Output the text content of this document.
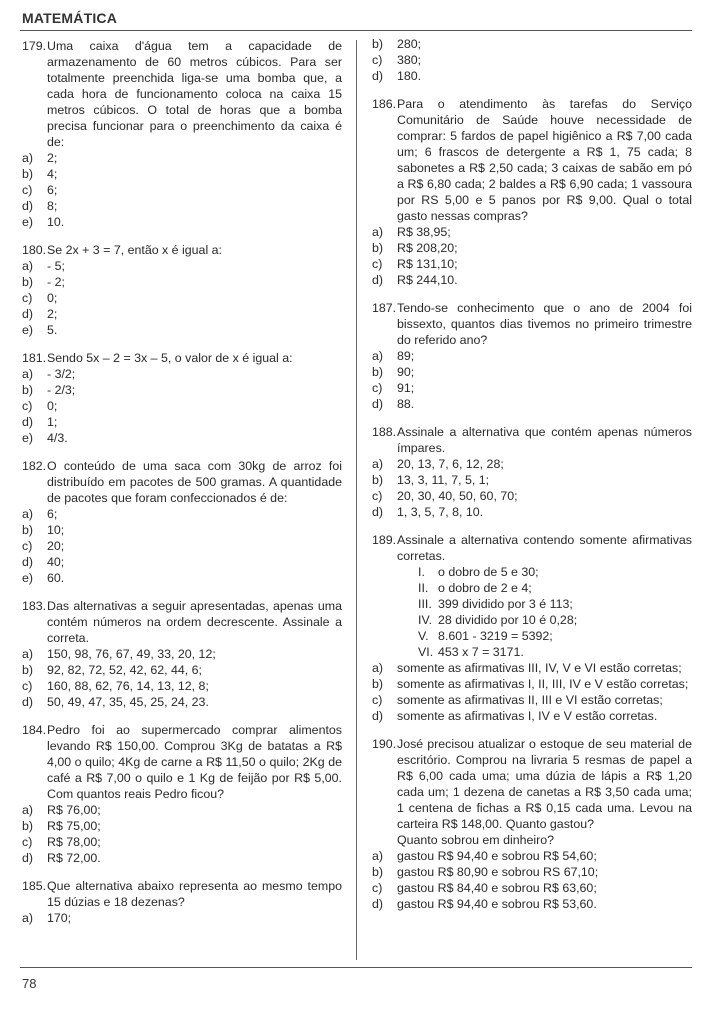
MATEMÁTICA
179. Uma caixa d'água tem a capacidade de armazenamento de 60 metros cúbicos. Para ser totalmente preenchida liga-se uma bomba que, a cada hora de funcionamento coloca na caixa 15 metros cúbicos. O total de horas que a bomba precisa funcionar para o preenchimento da caixa é de:
a) 2;
b) 4;
c) 6;
d) 8;
e) 10.
180. Se 2x + 3 = 7, então x é igual a:
a) - 5;
b) - 2;
c) 0;
d) 2;
e) 5.
181. Sendo 5x – 2 = 3x – 5, o valor de x é igual a:
a) - 3/2;
b) - 2/3;
c) 0;
d) 1;
e) 4/3.
182. O conteúdo de uma saca com 30kg de arroz foi distribuído em pacotes de 500 gramas. A quantidade de pacotes que foram confeccionados é de:
a) 6;
b) 10;
c) 20;
d) 40;
e) 60.
183. Das alternativas a seguir apresentadas, apenas uma contém números na ordem decrescente. Assinale a correta.
a) 150, 98, 76, 67, 49, 33, 20, 12;
b) 92, 82, 72, 52, 42, 62, 44, 6;
c) 160, 88, 62, 76, 14, 13, 12, 8;
d) 50, 49, 47, 35, 45, 25, 24, 23.
184. Pedro foi ao supermercado comprar alimentos levando R$ 150,00. Comprou 3Kg de batatas a R$ 4,00 o quilo; 4Kg de carne a R$ 11,50 o quilo; 2Kg de café a R$ 7,00 o quilo e 1 Kg de feijão por R$ 5,00. Com quantos reais Pedro ficou?
a) R$ 76,00;
b) R$ 75,00;
c) R$ 78,00;
d) R$ 72,00.
185. Que alternativa abaixo representa ao mesmo tempo 15 dúzias e 18 dezenas?
a) 170;
b) 280;
c) 380;
d) 180.
186. Para o atendimento às tarefas do Serviço Comunitário de Saúde houve necessidade de comprar: 5 fardos de papel higiênico a R$ 7,00 cada um; 6 frascos de detergente a R$ 1, 75 cada; 8 sabonetes a R$ 2,50 cada; 3 caixas de sabão em pó a R$ 6,80 cada; 2 baldes a R$ 6,90 cada; 1 vassoura por RS 5,00 e 5 panos por R$ 9,00. Qual o total gasto nessas compras?
a) R$ 38,95;
b) R$ 208,20;
c) R$ 131,10;
d) R$ 244,10.
187. Tendo-se conhecimento que o ano de 2004 foi bissexto, quantos dias tivemos no primeiro trimestre do referido ano?
a) 89;
b) 90;
c) 91;
d) 88.
188. Assinale a alternativa que contém apenas números ímpares.
a) 20, 13, 7, 6, 12, 28;
b) 13, 3, 11, 7, 5, 1;
c) 20, 30, 40, 50, 60, 70;
d) 1, 3, 5, 7, 8, 10.
189. Assinale a alternativa contendo somente afirmativas corretas.
I. o dobro de 5 e 30;
II. o dobro de 2 e 4;
III. 399 dividido por 3 é 113;
IV. 28 dividido por 10 é 0,28;
V. 8.601 - 3219 = 5392;
VI. 453 x 7 = 3171.
a) somente as afirmativas III, IV, V e VI estão corretas;
b) somente as afirmativas I, II, III, IV e V estão corretas;
c) somente as afirmativas II, III e VI estão corretas;
d) somente as afirmativas I, IV e V estão corretas.
190. José precisou atualizar o estoque de seu material de escritório. Comprou na livraria 5 resmas de papel a R$ 6,00 cada uma; uma dúzia de lápis a R$ 1,20 cada um; 1 dezena de canetas a R$ 3,50 cada uma; 1 centena de fichas a R$ 0,15 cada uma. Levou na carteira R$ 148,00. Quanto gastou?
Quanto sobrou em dinheiro?
a) gastou R$ 94,40 e sobrou R$ 54,60;
b) gastou R$ 80,90 e sobrou RS 67,10;
c) gastou R$ 84,40 e sobrou R$ 63,60;
d) gastou R$ 94,40 e sobrou R$ 53,60.
78
